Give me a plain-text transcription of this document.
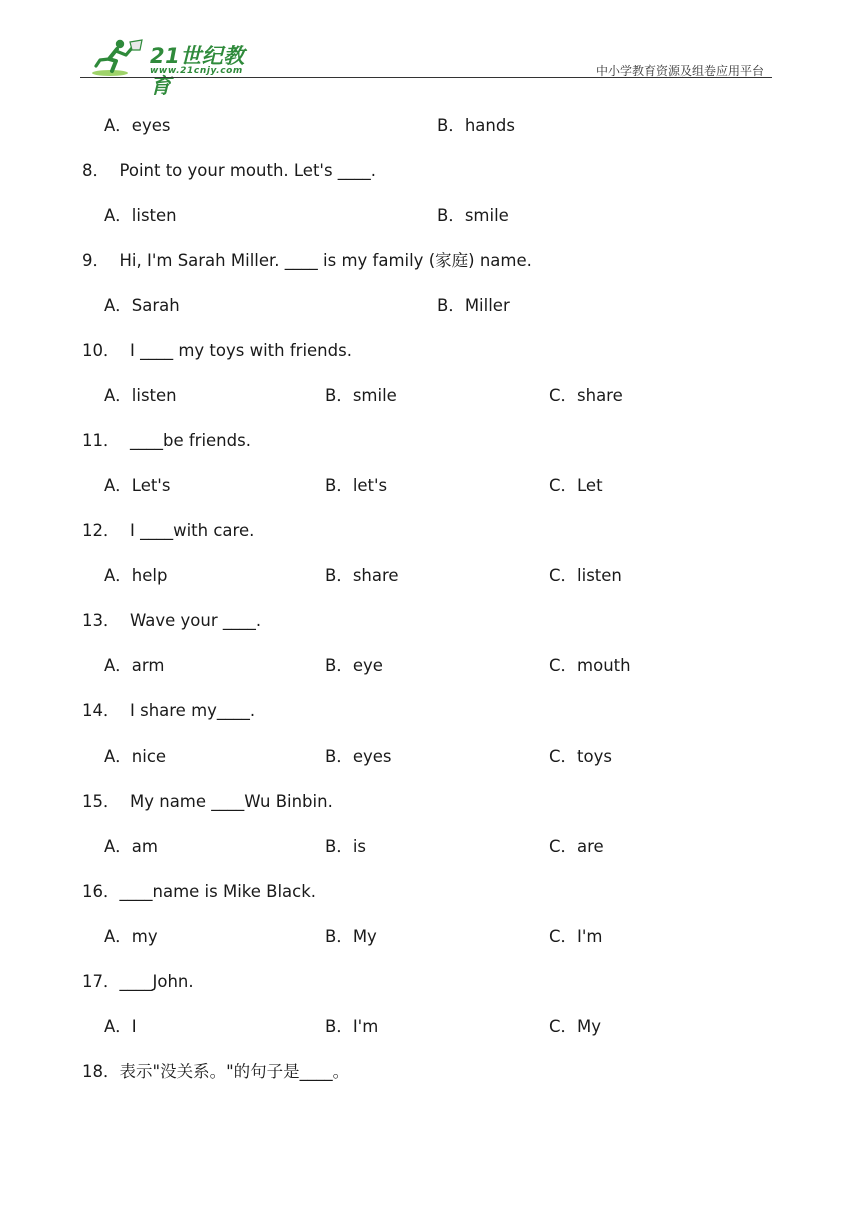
21世纪教育
www.21cnjy.com	中小学教育资源及组卷应用平台
A．eyes	B．hands
8．  Point to your mouth. Let's ____.
A．listen	B．smile
9．  Hi, I'm Sarah Miller. ____ is my family (家庭) name.
A．Sarah	B．Miller
10．  I ____ my toys with friends.
A．listen	B．smile	C．share
11．  ____be friends.
A．Let's	B．let's	C．Let
12．  I ____with care.
A．help	B．share	C．listen
13．  Wave your ____.
A．arm	B．eye	C．mouth
14．  I share my____.
A．nice	B．eyes	C．toys
15．  My name ____Wu Binbin.
A．am	B．is	C．are
16．____name is Mike Black.
A．my	B．My	C．I'm
17．____John.
A．I	B．I'm	C．My
18．表示"没关系。"的句子是____。
